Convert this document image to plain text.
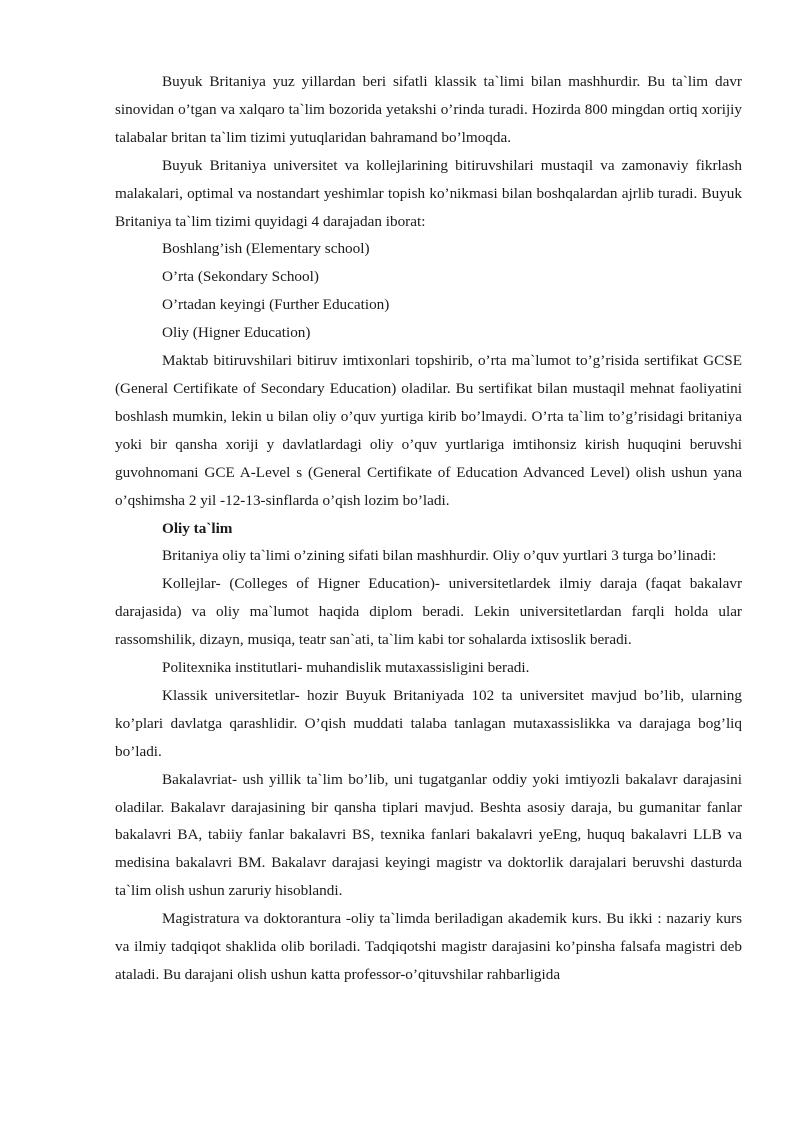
Buyuk Britaniya yuz yillardan beri sifatli klassik ta`limi bilan mashhurdir. Bu ta`lim davr sinovidan o’tgan va xalqaro ta`lim bozorida yetakshi o’rinda turadi. Hozirda 800 mingdan ortiq xorijiy talabalar britan ta`lim tizimi yutuqlaridan bahramand bo’lmoqda.

Buyuk Britaniya universitet va kollejlarining bitiruvshilari mustaqil va zamonaviy fikrlash malakalari, optimal va nostandart yeshimlar topish ko’nikmasi bilan boshqalardan ajrlib turadi. Buyuk Britaniya ta`lim tizimi quyidagi 4 darajadan iborat:

Boshlang’ish (Elementary school)

O’rta (Sekondary School)

O’rtadan keyingi (Further Education)

Oliy (Higner Education)

Maktab bitiruvshilari bitiruv imtixonlari topshirib, o’rta ma`lumot to’g’risida sertifikat GCSE (General Certifikate of Secondary Education) oladilar. Bu sertifikat bilan mustaqil mehnat faoliyatini boshlash mumkin, lekin u bilan oliy o’quv yurtiga kirib bo’lmaydi. O’rta ta`lim to’g’risidagi britaniya yoki bir qansha xoriji y davlatlardagi oliy o’quv yurtlariga imtihonsiz kirish huquqini beruvshi guvohnomani GCE A-Level s (General Certifikate of Education Advanced Level) olish ushun yana o’qshimsha 2 yil -12-13-sinflarda o’qish lozim bo’ladi.

Oliy ta`lim

Britaniya oliy ta`limi o’zining sifati bilan mashhurdir. Oliy o’quv yurtlari 3 turga bo’linadi:

Kollejlar- (Colleges of Higner Education)- universitetlardek ilmiy daraja (faqat bakalavr darajasida) va oliy ma`lumot haqida diplom beradi. Lekin universitetlardan farqli holda ular rassomshilik, dizayn, musiqa, teatr san`ati, ta`lim kabi tor sohalarda ixtisoslik beradi.

Politexnika institutlari- muhandislik mutaxassisligini beradi.

Klassik universitetlar- hozir Buyuk Britaniyada 102 ta universitet mavjud bo’lib, ularning ko’plari davlatga qarashlidir. O’qish muddati talaba tanlagan mutaxassislikka va darajaga bog’liq bo’ladi.

Bakalavriat- ush yillik ta`lim bo’lib, uni tugatganlar oddiy yoki imtiyozli bakalavr darajasini oladilar. Bakalavr darajasining bir qansha tiplari mavjud. Beshta asosiy daraja, bu gumanitar fanlar bakalavri BA, tabiiy fanlar bakalavri BS, texnika fanlari bakalavri yeEng, huquq bakalavri LLB va medisina bakalavri BM. Bakalavr darajasi keyingi magistr va doktorlik darajalari beruvshi dasturda ta`lim olish ushun zaruriy hisoblandi.

Magistratura va doktorantura -oliy ta`limda beriladigan akademik kurs. Bu ikki : nazariy kurs va ilmiy tadqiqot shaklida olib boriladi. Tadqiqotshi magistr darajasini ko’pinsha falsafa magistri deb ataladi. Bu darajani olish ushun katta professor-o’qituvshilar rahbarligida
